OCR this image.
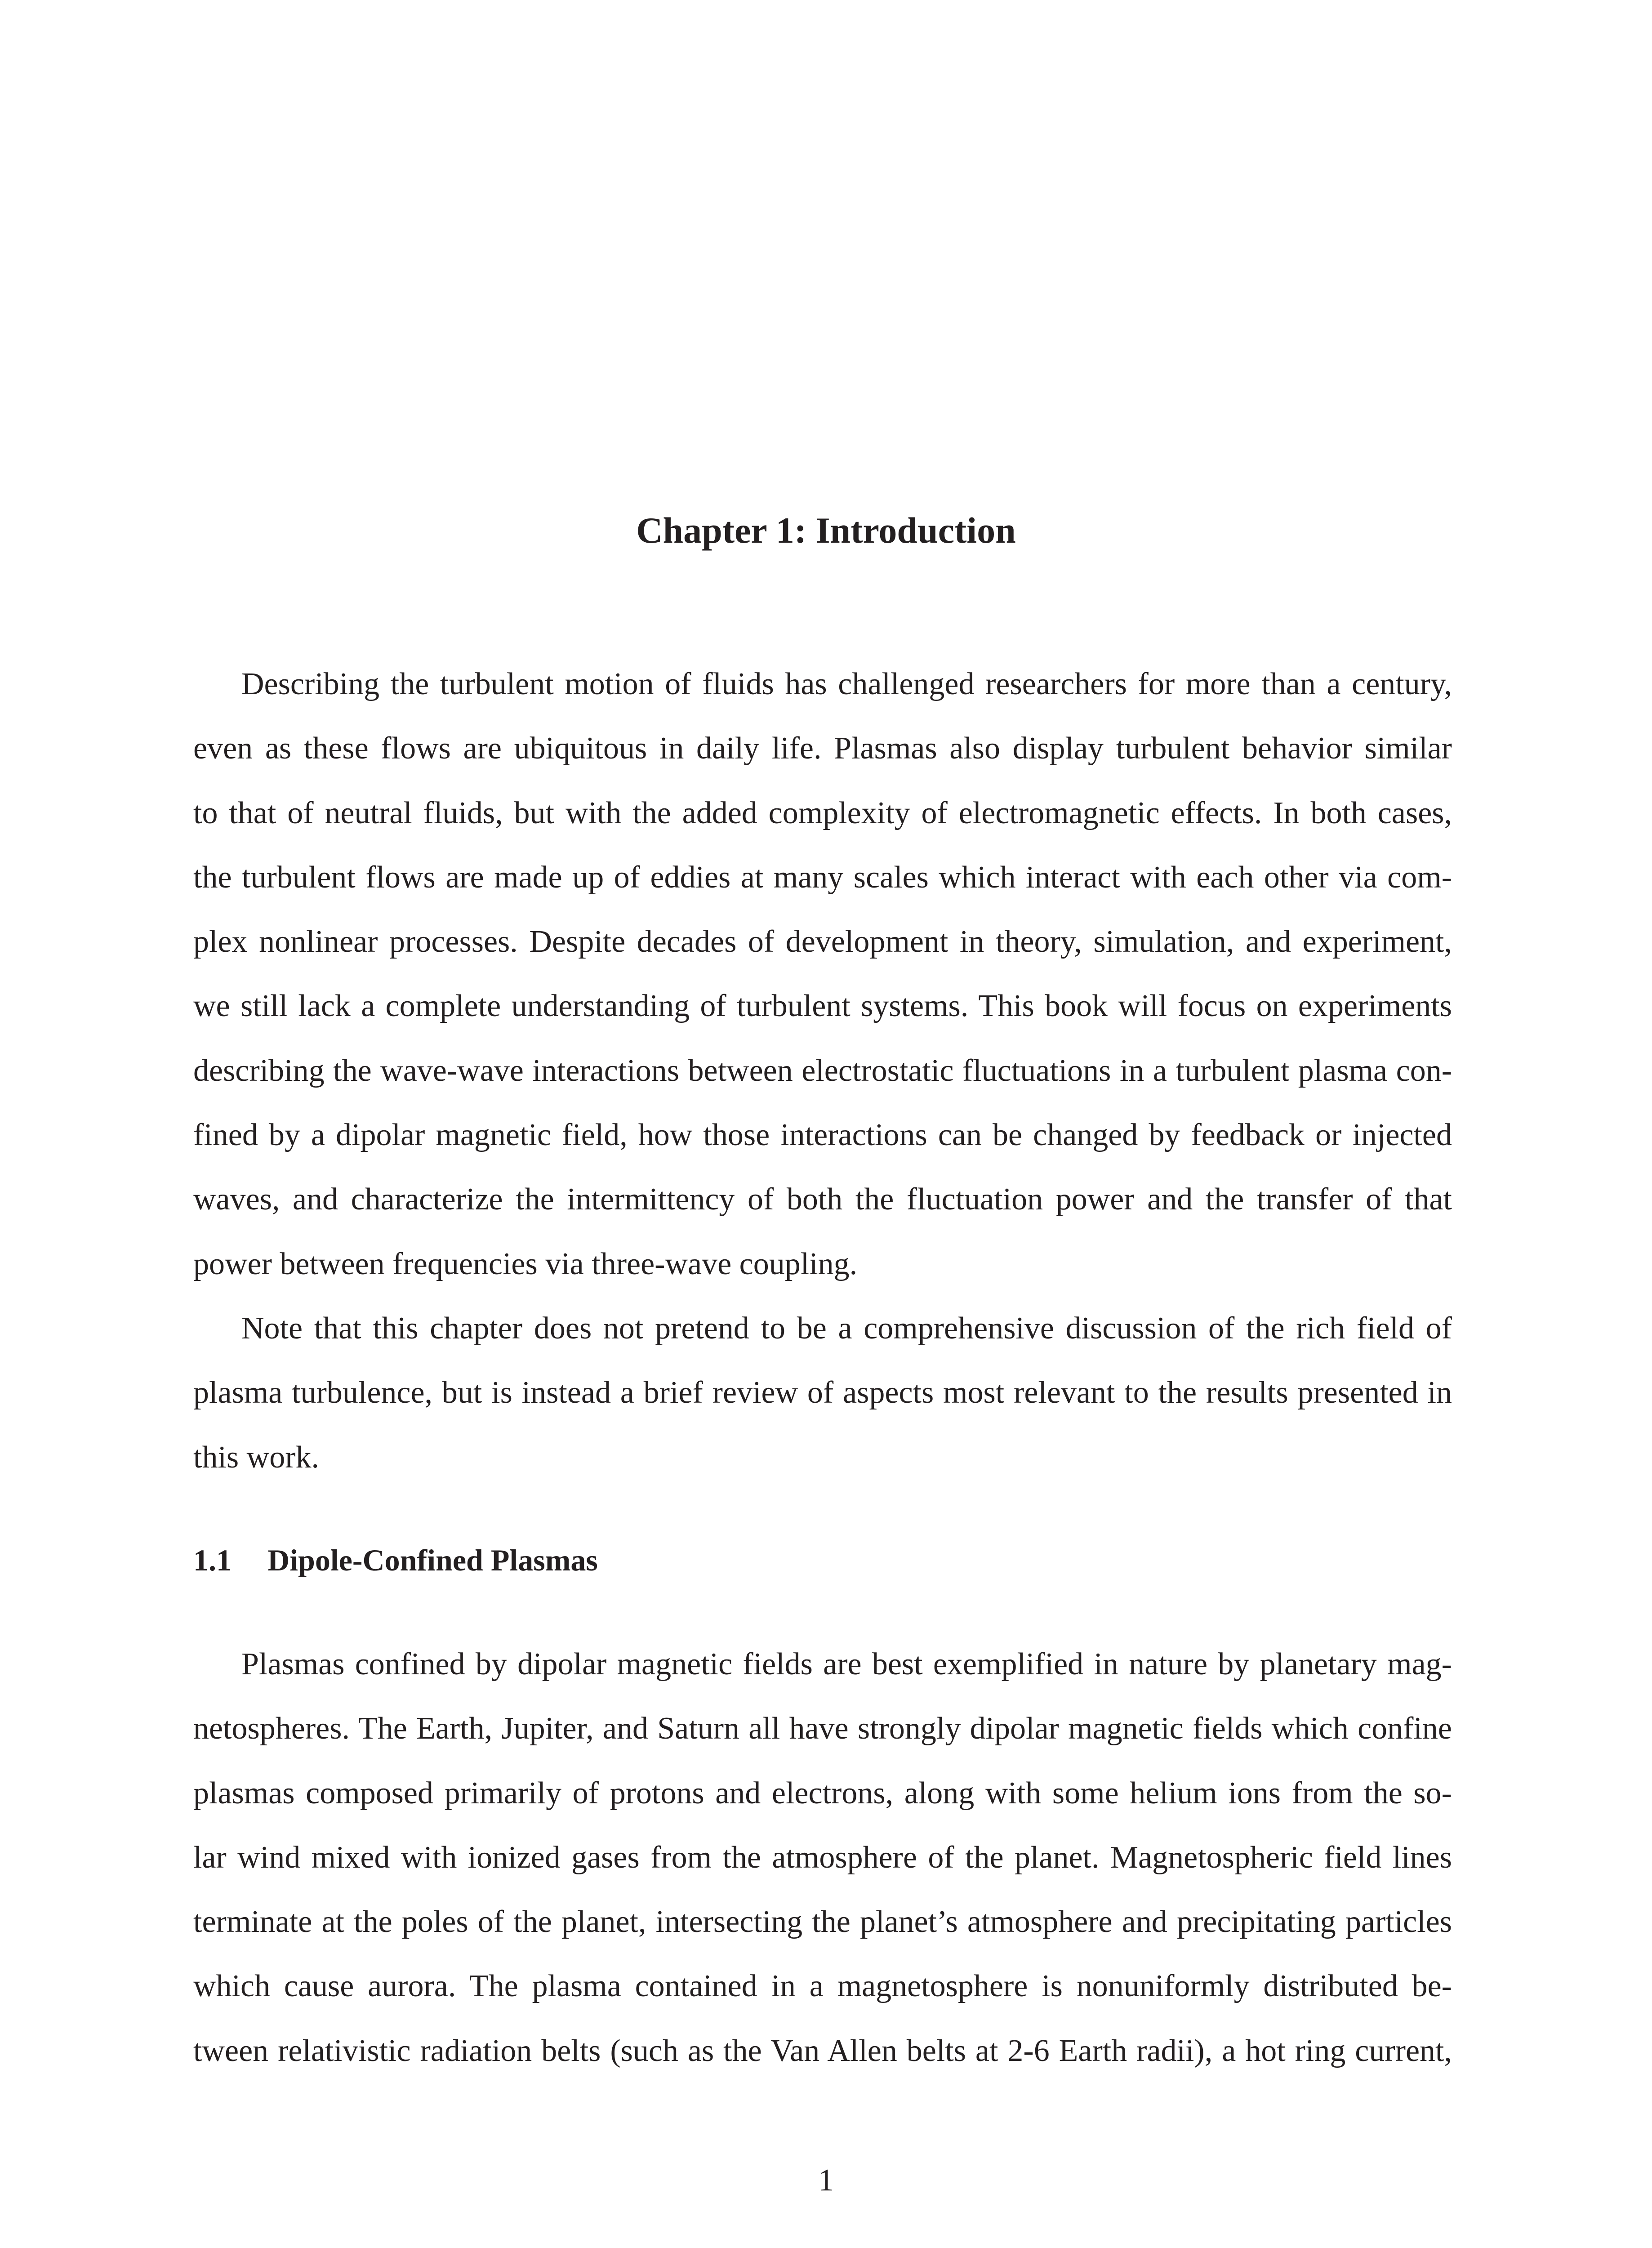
Chapter 1: Introduction

Describing the turbulent motion of fluids has challenged researchers for more than a century,
even as these flows are ubiquitous in daily life. Plasmas also display turbulent behavior similar
to that of neutral fluids, but with the added complexity of electromagnetic effects. In both cases,
the turbulent flows are made up of eddies at many scales which interact with each other via com-
plex nonlinear processes. Despite decades of development in theory, simulation, and experiment,
we still lack a complete understanding of turbulent systems. This book will focus on experiments
describing the wave-wave interactions between electrostatic fluctuations in a turbulent plasma con-
fined by a dipolar magnetic field, how those interactions can be changed by feedback or injected
waves, and characterize the intermittency of both the fluctuation power and the transfer of that
power between frequencies via three-wave coupling.

Note that this chapter does not pretend to be a comprehensive discussion of the rich field of
plasma turbulence, but is instead a brief review of aspects most relevant to the results presented in
this work.

1.1 Dipole-Confined Plasmas

Plasmas confined by dipolar magnetic fields are best exemplified in nature by planetary mag-
netospheres. The Earth, Jupiter, and Saturn all have strongly dipolar magnetic fields which confine
plasmas composed primarily of protons and electrons, along with some helium ions from the so-
lar wind mixed with ionized gases from the atmosphere of the planet. Magnetospheric field lines
terminate at the poles of the planet, intersecting the planet’s atmosphere and precipitating particles
which cause aurora. The plasma contained in a magnetosphere is nonuniformly distributed be-
tween relativistic radiation belts (such as the Van Allen belts at 2-6 Earth radii), a hot ring current,

1
